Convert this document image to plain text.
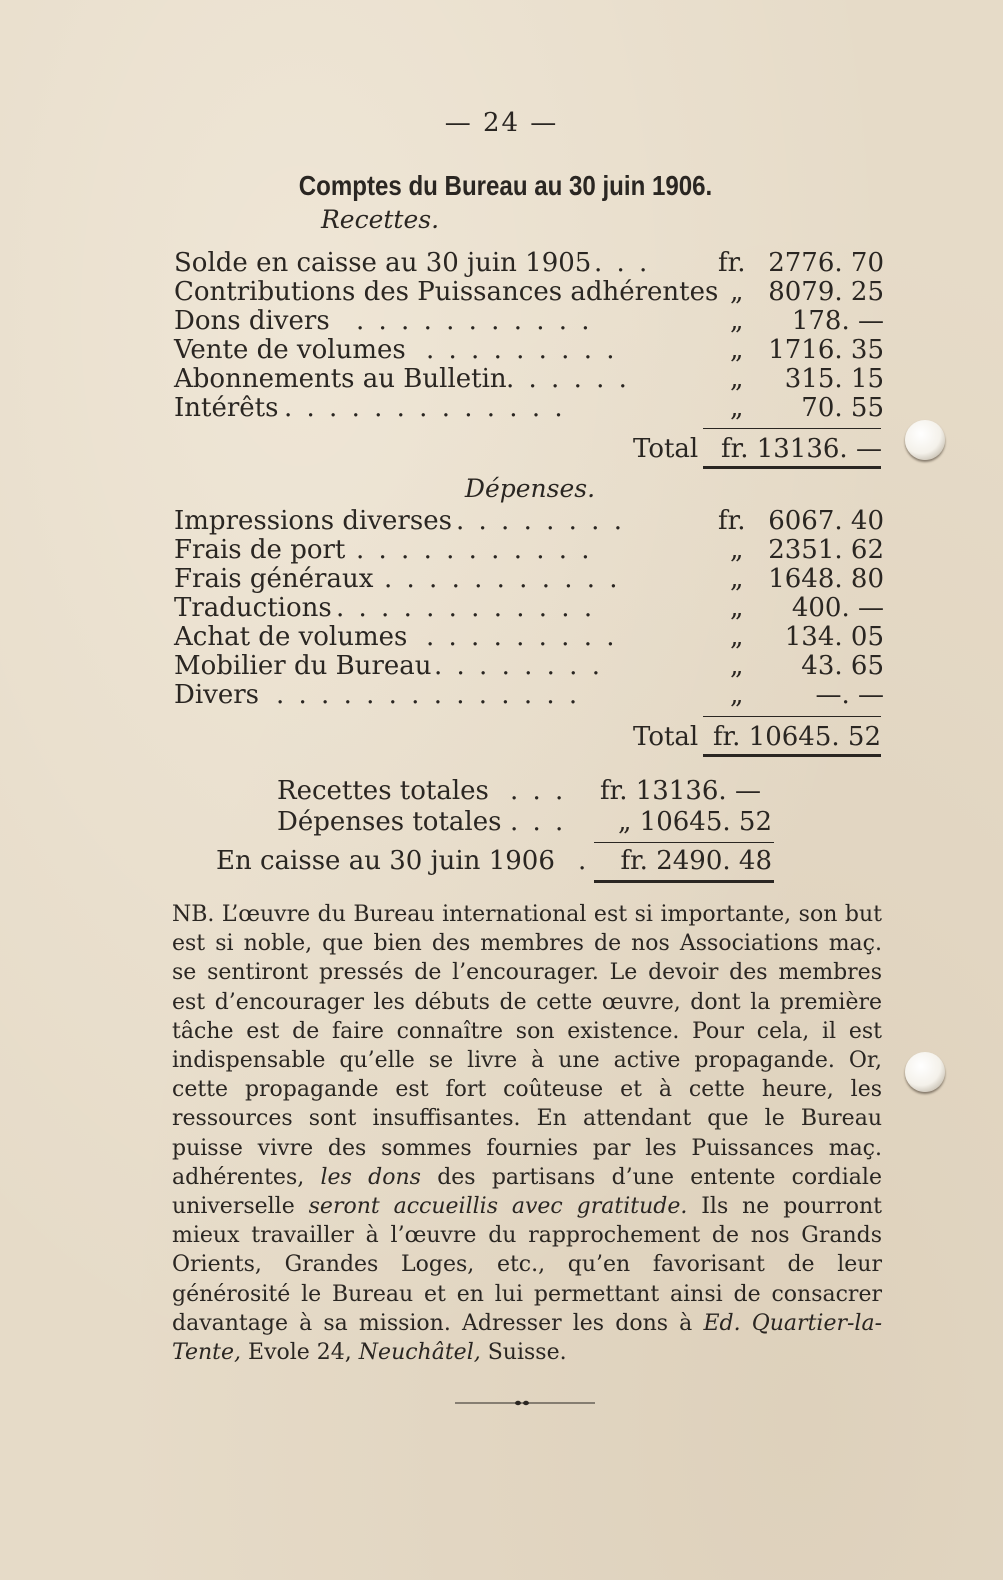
— 24 —
Comptes du Bureau au 30 juin 1906.
Recettes.
Solde en caisse au 30 juin 1905 . . .	fr. 2776. 70
Contributions des Puissances adhérentes „ 8079. 25
Dons divers . . . . . . . . . . .	„	178. —
Vente de volumes . . . . . . . . .	„ 1716. 35
Abonnements au Bulletin . . . . . .	„	315. 15
Intérêts . . . . . . . . . . . . .	„	70. 55
Total fr. 13136. —
Dépenses.
Impressions diverses . . . . . . . .	fr. 6067. 40
Frais de port . . . . . . . . . . .	„ 2351. 62
Frais généraux . . . . . . . . . . .	„ 1648. 80
Traductions . . . . . . . . . . . .	„	400. —
Achat de volumes . . . . . . . . .	„	134. 05
Mobilier du Bureau . . . . . . . .	„	43. 65
Divers . . . . . . . . . . . . . .	„	—. —
Total fr. 10645. 52
Recettes totales . . . fr. 13136. —
Dépenses totales . . .	„ 10645. 52
En caisse au 30 juin 1906 .	fr. 2490. 48

NB. L’œuvre du Bureau international est si importante, son but est si noble, que bien des membres de nos Associations maç. se sentiront pressés de l’encourager. Le devoir des membres est d’encourager les débuts de cette œuvre, dont la première tâche est de faire connaître son existence. Pour cela, il est indispensable qu’elle se livre à une active propagande. Or, cette propagande est fort coûteuse et à cette heure, les ressources sont insuffisantes. En attendant que le Bureau puisse vivre des sommes fournies par les Puissances maç. adhérentes, les dons des partisans d’une entente cordiale universelle seront accueillis avec gratitude. Ils ne pourront mieux travailler à l’œuvre du rapprochement de nos Grands Orients, Grandes Loges, etc., qu’en favorisant de leur générosité le Bureau et en lui permettant ainsi de consacrer davantage à sa mission. Adresser les dons à Ed. Quartier-la-Tente, Evole 24, Neuchâtel, Suisse.
